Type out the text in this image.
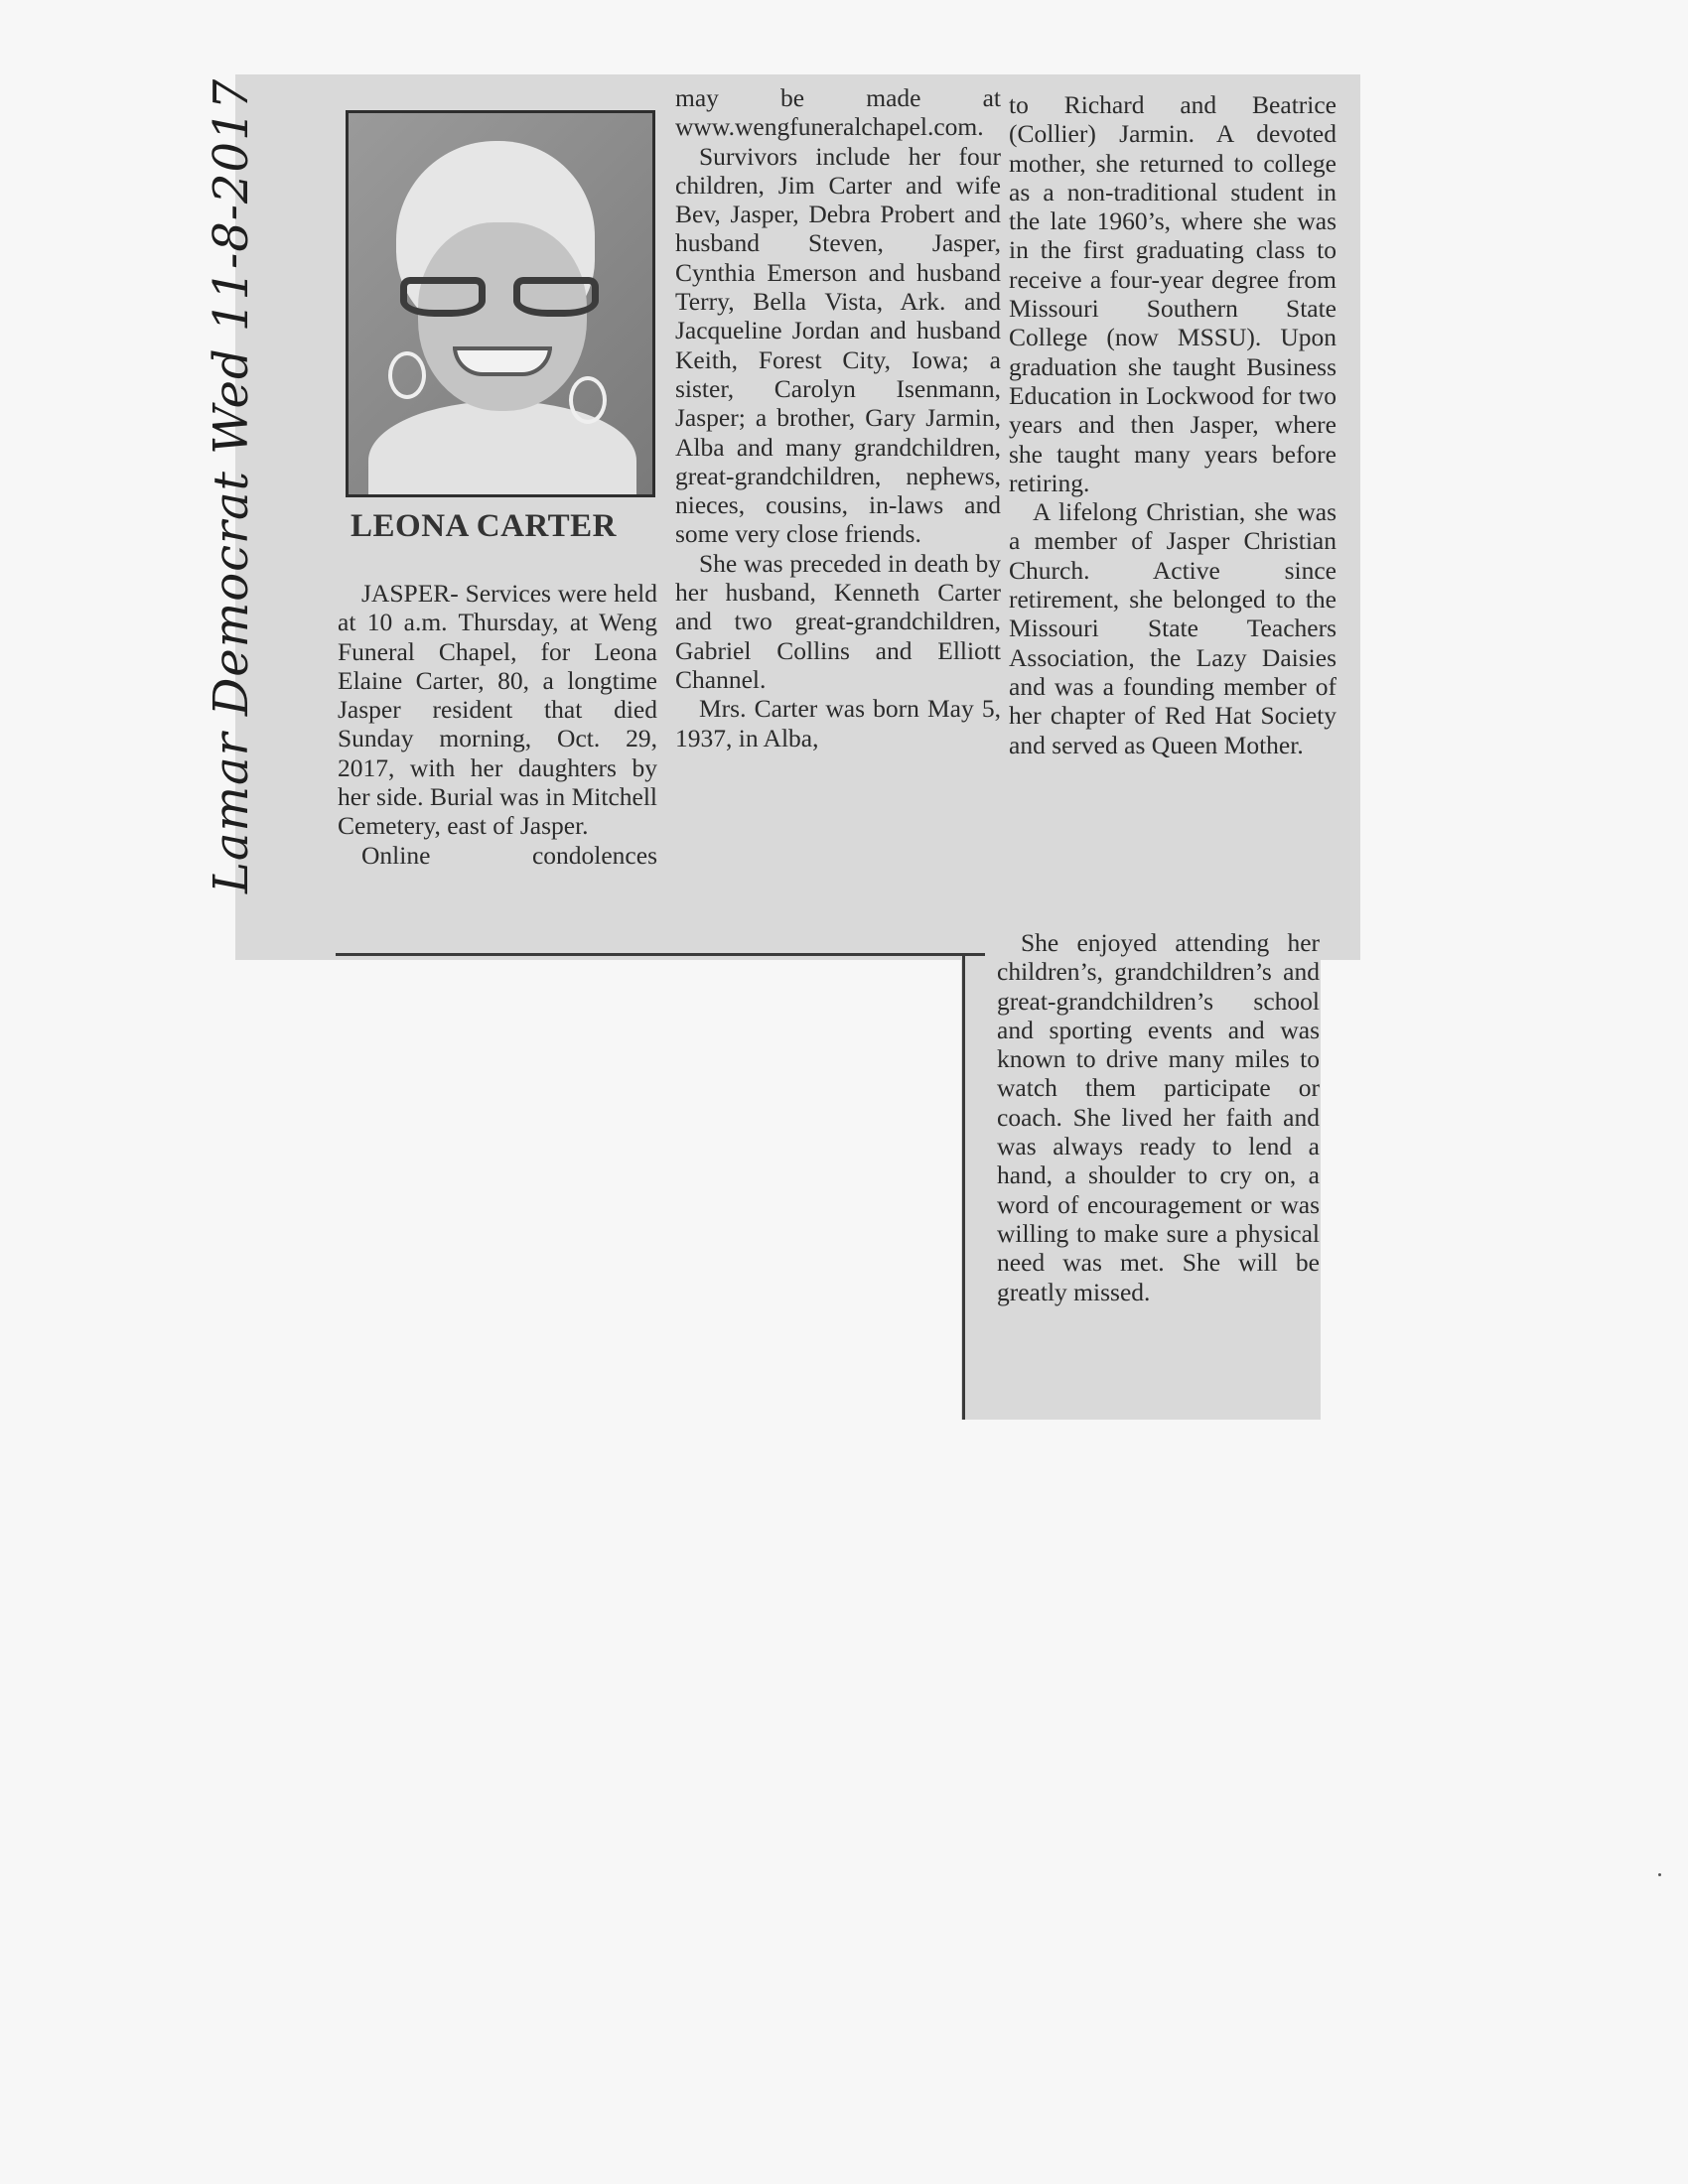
Lamar Democrat Wed 11-8-2017	LEONA CARTER

JASPER- Services were held at 10 a.m. Thursday, at Weng Funeral Chapel, for Leona Elaine Carter, 80, a longtime Jasper resident that died Sunday morning, Oct. 29, 2017, with her daughters by her side. Burial was in Mitchell Cemetery, east of Jasper.

Online condolences

may be made at www.wengfuneralchapel.com.

Survivors include her four children, Jim Carter and wife Bev, Jasper, Debra Probert and husband Steven, Jasper, Cynthia Emerson and husband Terry, Bella Vista, Ark. and Jacqueline Jordan and husband Keith, Forest City, Iowa; a sister, Carolyn Isenmann, Jasper; a brother, Gary Jarmin, Alba and many grandchildren, great-grandchildren, nephews, nieces, cousins, in-laws and some very close friends.

She was preceded in death by her husband, Kenneth Carter and two great-grandchildren, Gabriel Collins and Elliott Channel.

Mrs. Carter was born May 5, 1937, in Alba,

to Richard and Beatrice (Collier) Jarmin. A devoted mother, she returned to college as a non-traditional student in the late 1960’s, where she was in the first graduating class to receive a four-year degree from Missouri Southern State College (now MSSU). Upon graduation she taught Business Education in Lockwood for two years and then Jasper, where she taught many years before retiring.

A lifelong Christian, she was a member of Jasper Christian Church. Active since retirement, she belonged to the Missouri State Teachers Association, the Lazy Daisies and was a founding member of her chapter of Red Hat Society and served as Queen Mother.

She enjoyed attending her children’s, grandchildren’s and great-grandchildren’s school and sporting events and was known to drive many miles to watch them participate or coach. She lived her faith and was always ready to lend a hand, a shoulder to cry on, a word of encouragement or was willing to make sure a physical need was met. She will be greatly missed.
